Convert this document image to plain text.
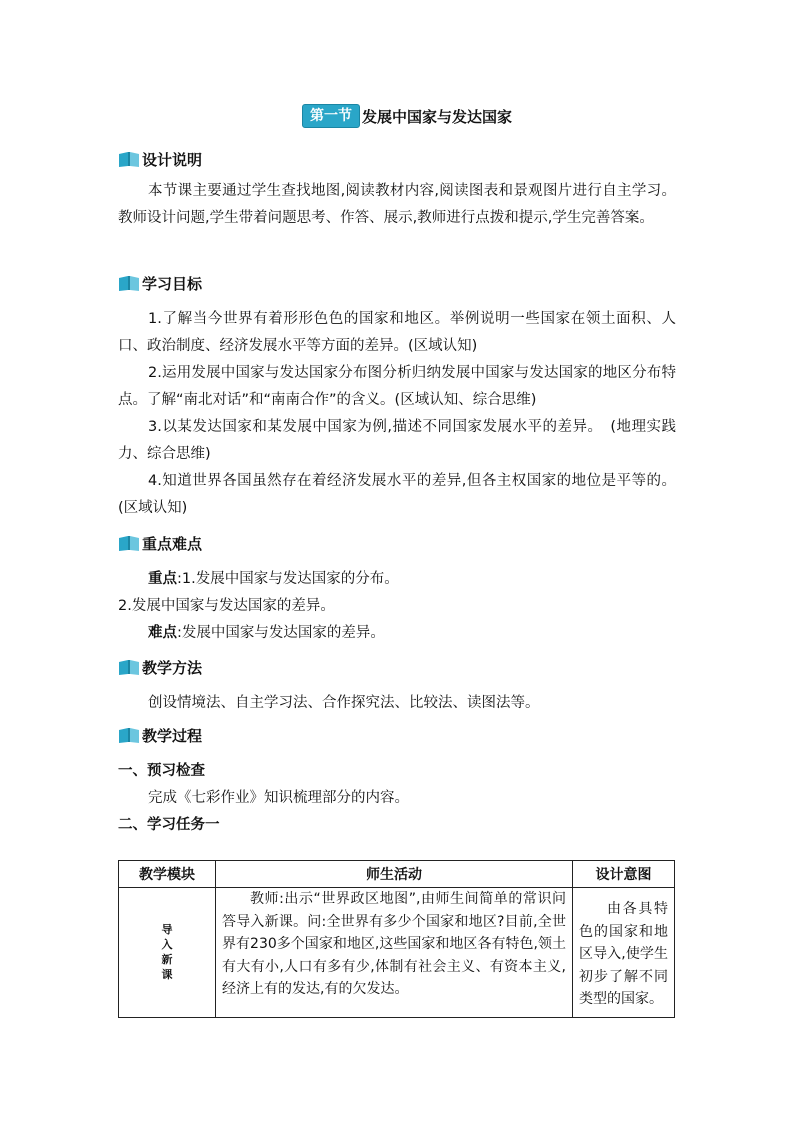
第一节 发展中国家与发达国家
设计说明
本节课主要通过学生查找地图,阅读教材内容,阅读图表和景观图片进行自主学习。教师设计问题,学生带着问题思考、作答、展示,教师进行点拨和提示,学生完善答案。
学习目标
1.了解当今世界有着形形色色的国家和地区。举例说明一些国家在领土面积、人口、政治制度、经济发展水平等方面的差异。(区域认知)
2.运用发展中国家与发达国家分布图分析归纳发展中国家与发达国家的地区分布特点。了解“南北对话”和“南南合作”的含义。(区域认知、综合思维)
3.以某发达国家和某发展中国家为例,描述不同国家发展水平的差异。　(地理实践力、综合思维)
4.知道世界各国虽然存在着经济发展水平的差异,但各主权国家的地位是平等的。(区域认知)
重点难点
重点:1.发展中国家与发达国家的分布。
2.发展中国家与发达国家的差异。
难点:发展中国家与发达国家的差异。
教学方法
创设情境法、自主学习法、合作探究法、比较法、读图法等。
教学过程
一、预习检查
完成《七彩作业》知识梳理部分的内容。
二、学习任务一
教学模块	师生活动	设计意图
导入新课	教师:出示“世界政区地图”,由师生间简单的常识问答导入新课。问:全世界有多少个国家和地区?目前,全世界有230多个国家和地区,这些国家和地区各有特色,领土有大有小,人口有多有少,体制有社会主义、有资本主义,经济上有的发达,有的欠发达。	由各具特色的国家和地区导入,使学生初步了解不同类型的国家。
